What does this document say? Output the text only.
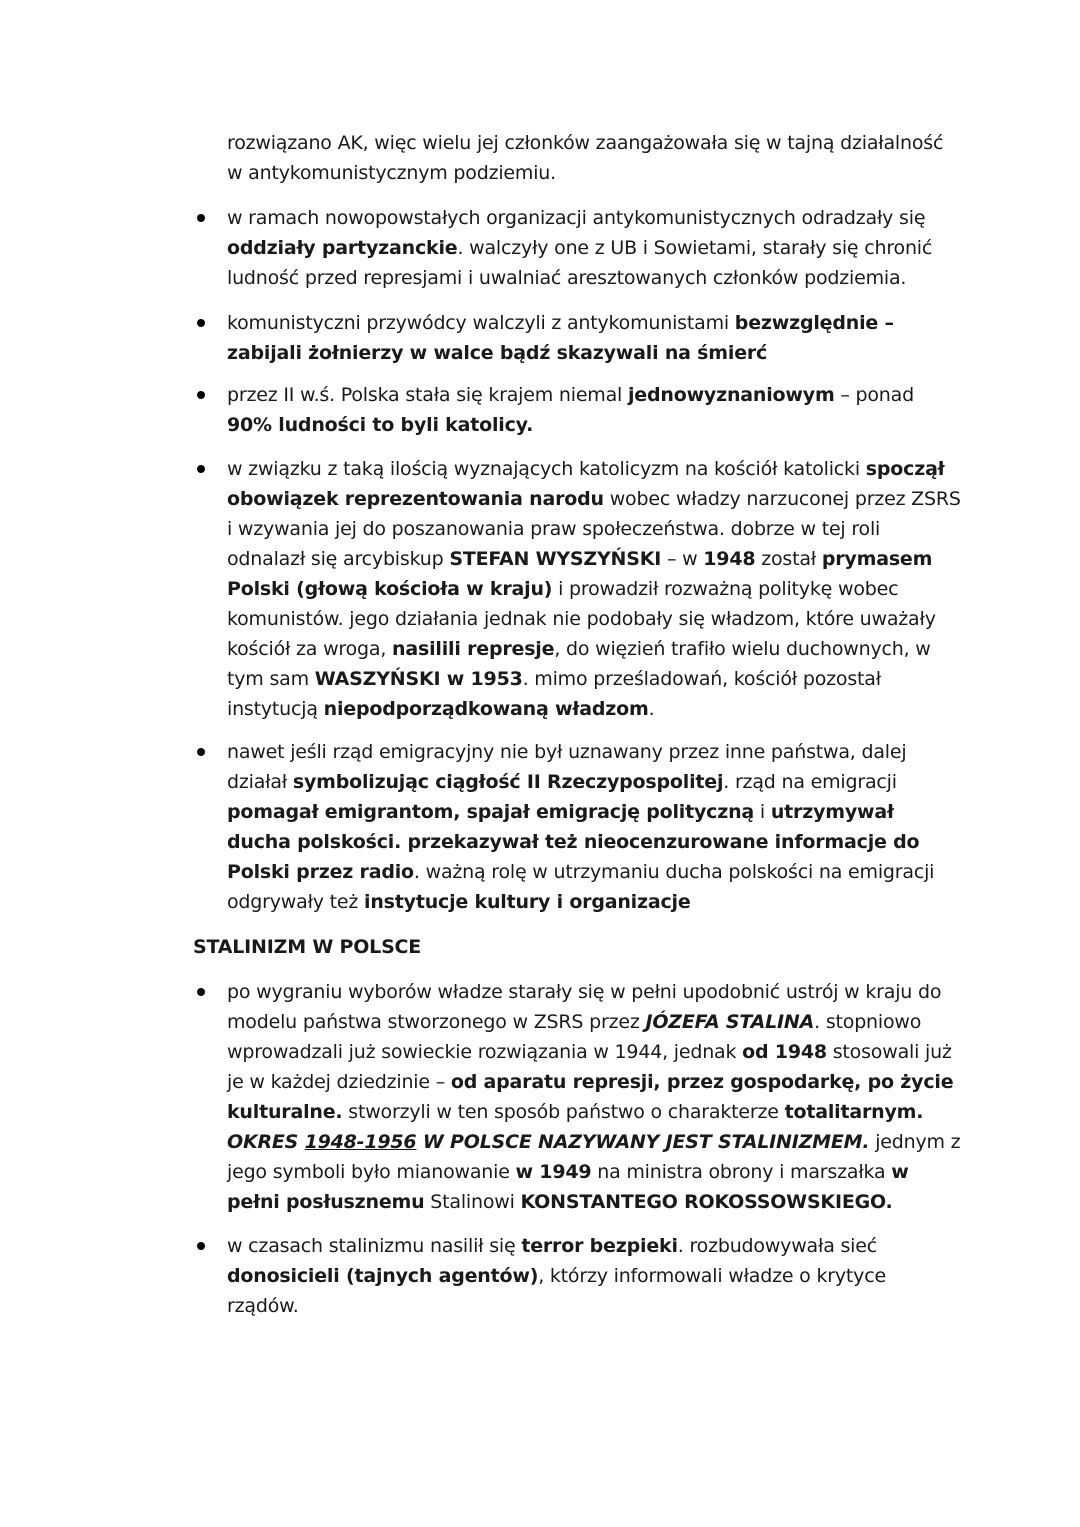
rozwiązano AK, więc wielu jej członków zaangażowała się w tajną działalność w antykomunistycznym podziemiu.
w ramach nowopowstałych organizacji antykomunistycznych odradzały się oddziały partyzanckie. walczyły one z UB i Sowietami, starały się chronić ludność przed represjami i uwalniać aresztowanych członków podziemia.
komunistyczni przywódcy walczyli z antykomunistami bezwzględnie – zabijali żołnierzy w walce bądź skazywali na śmierć
przez II w.ś. Polska stała się krajem niemal jednowyznaniowym – ponad 90% ludności to byli katolicy.
w związku z taką ilością wyznających katolicyzm na kościół katolicki spoczął obowiązek reprezentowania narodu wobec władzy narzuconej przez ZSRS i wzywania jej do poszanowania praw społeczeństwa. dobrze w tej roli odnalazł się arcybiskup STEFAN WYSZYŃSKI – w 1948 został prymasem Polski (głową kościoła w kraju) i prowadził rozważną politykę wobec komunistów. jego działania jednak nie podobały się władzom, które uważały kościół za wroga, nasilili represje, do więzień trafiło wielu duchownych, w tym sam WASZYŃSKI w 1953. mimo prześladowań, kościół pozostał instytucją niepodporządkowaną władzom.
nawet jeśli rząd emigracyjny nie był uznawany przez inne państwa, dalej działał symbolizując ciągłość II Rzeczypospolitej. rząd na emigracji pomagał emigrantom, spajał emigrację polityczną i utrzymywał ducha polskości. przekazywał też nieocenzurowane informacje do Polski przez radio. ważną rolę w utrzymaniu ducha polskości na emigracji odgrywały też instytucje kultury i organizacje
STALINIZM W POLSCE
po wygraniu wyborów władze starały się w pełni upodobnić ustrój w kraju do modelu państwa stworzonego w ZSRS przez JÓZEFA STALINA. stopniowo wprowadzali już sowieckie rozwiązania w 1944, jednak od 1948 stosowali już je w każdej dziedzinie – od aparatu represji, przez gospodarkę, po życie kulturalne. stworzyli w ten sposób państwo o charakterze totalitarnym. OKRES 1948-1956 W POLSCE NAZYWANY JEST STALINIZMEM. jednym z jego symboli było mianowanie w 1949 na ministra obrony i marszałka w pełni posłusznemu Stalinowi KONSTANTEGO ROKOSSOWSKIEGO.
w czasach stalinizmu nasilił się terror bezpieki. rozbudowywała sieć donosicieli (tajnych agentów), którzy informowali władze o krytyce rządów.
